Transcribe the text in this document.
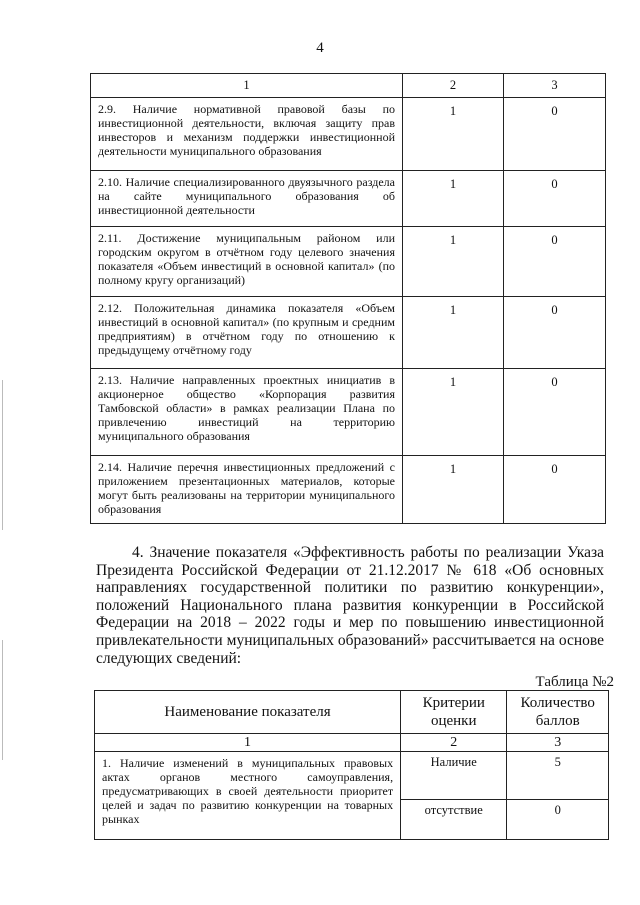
4
1	2	3

2.9. Наличие нормативной правовой базы по инвестиционной деятельности, включая защиту прав инвесторов и механизм поддержки инвестиционной деятельности муниципального образования	1	0

2.10. Наличие специализированного двуязычного раздела на сайте муниципального образования об инвестиционной деятельности	1	0

2.11. Достижение муниципальным районом или городским округом в отчётном году целевого значения показателя «Объем инвестиций в основной капитал» (по полному кругу организаций)	1	0

2.12. Положительная динамика показателя «Объем инвестиций в основной капитал» (по крупным и средним предприятиям) в отчётном году по отношению к предыдущему отчётному году	1	0

2.13. Наличие направленных проектных инициатив в акционерное общество «Корпорация развития Тамбовской области» в рамках реализации Плана по привлечению инвестиций на территорию муниципального образования	1	0

2.14. Наличие перечня инвестиционных предложений с приложением презентационных материалов, которые могут быть реализованы на территории муниципального образования	1	0
4. Значение показателя «Эффективность работы по реализации Указа Президента Российской Федерации от 21.12.2017 № 618 «Об основных направлениях государственной политики по развитию конкуренции», положений Национального плана развития конкуренции в Российской Федерации на 2018 – 2022 годы и мер по повышению инвестиционной привлекательности муниципальных образований» рассчитывается на основе следующих сведений:
Таблица №2
Наименование показателя	Критерии оценки	Количество баллов
1	2	3

1. Наличие изменений в муниципальных правовых актах органов местного самоуправления, предусматривающих в своей деятельности приоритет целей и задач по развитию конкуренции на товарных рынках	Наличие	5

	отсутствие	0
